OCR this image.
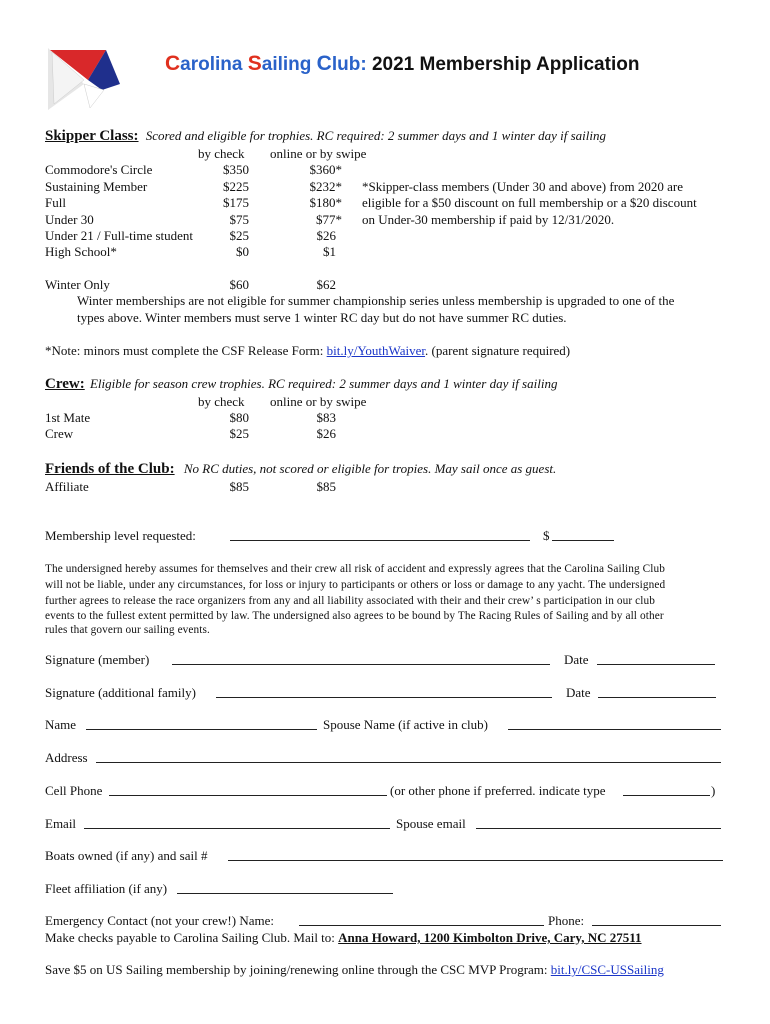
Carolina Sailing Club: 2021 Membership Application
Skipper Class: Scored and eligible for trophies. RC required: 2 summer days and 1 winter day if sailing
by check online or by swipe
Commodore's Circle	$350	$360*
Sustaining Member	$225	$232*
Full	$175	$180*
Under 30	$75	$77*
Under 21 / Full-time student	$25	$26
High School*	$0	$1
*Skipper-class members (Under 30 and above) from 2020 are
eligible for a $50 discount on full membership or a $20 discount
on Under-30 membership if paid by 12/31/2020.
Winter Only	$60	$62
Winter memberships are not eligible for summer championship series unless membership is upgraded to one of the
types above. Winter members must serve 1 winter RC day but do not have summer RC duties.
*Note: minors must complete the CSF Release Form: bit.ly/YouthWaiver. (parent signature required)
Crew: Eligible for season crew trophies. RC required: 2 summer days and 1 winter day if sailing
by check online or by swipe
1st Mate	$80	$83
Crew	$25	$26
Friends of the Club: No RC duties, not scored or eligible for tropies. May sail once as guest.
Affiliate	$85	$85
Membership level requested:	$
The undersigned hereby assumes for themselves and their crew all risk of accident and expressly agrees that the Carolina Sailing Club
will not be liable, under any circumstances, for loss or injury to participants or others or loss or damage to any yacht. The undersigned
further agrees to release the race organizers from any and all liability associated with their and their crew’ s participation in our club
events to the fullest extent permitted by law. The undersigned also agrees to be bound by The Racing Rules of Sailing and by all other
rules that govern our sailing events.
Signature (member)	Date
Signature (additional family)	Date
Name	Spouse Name (if active in club)
Address
Cell Phone	(or other phone if preferred. indicate type	)
Email	Spouse email
Boats owned (if any) and sail #
Fleet affiliation (if any)
Emergency Contact (not your crew!) Name:	Phone:
Make checks payable to Carolina Sailing Club. Mail to: Anna Howard, 1200 Kimbolton Drive, Cary, NC 27511
Save $5 on US Sailing membership by joining/renewing online through the CSC MVP Program: bit.ly/CSC-USSailing
